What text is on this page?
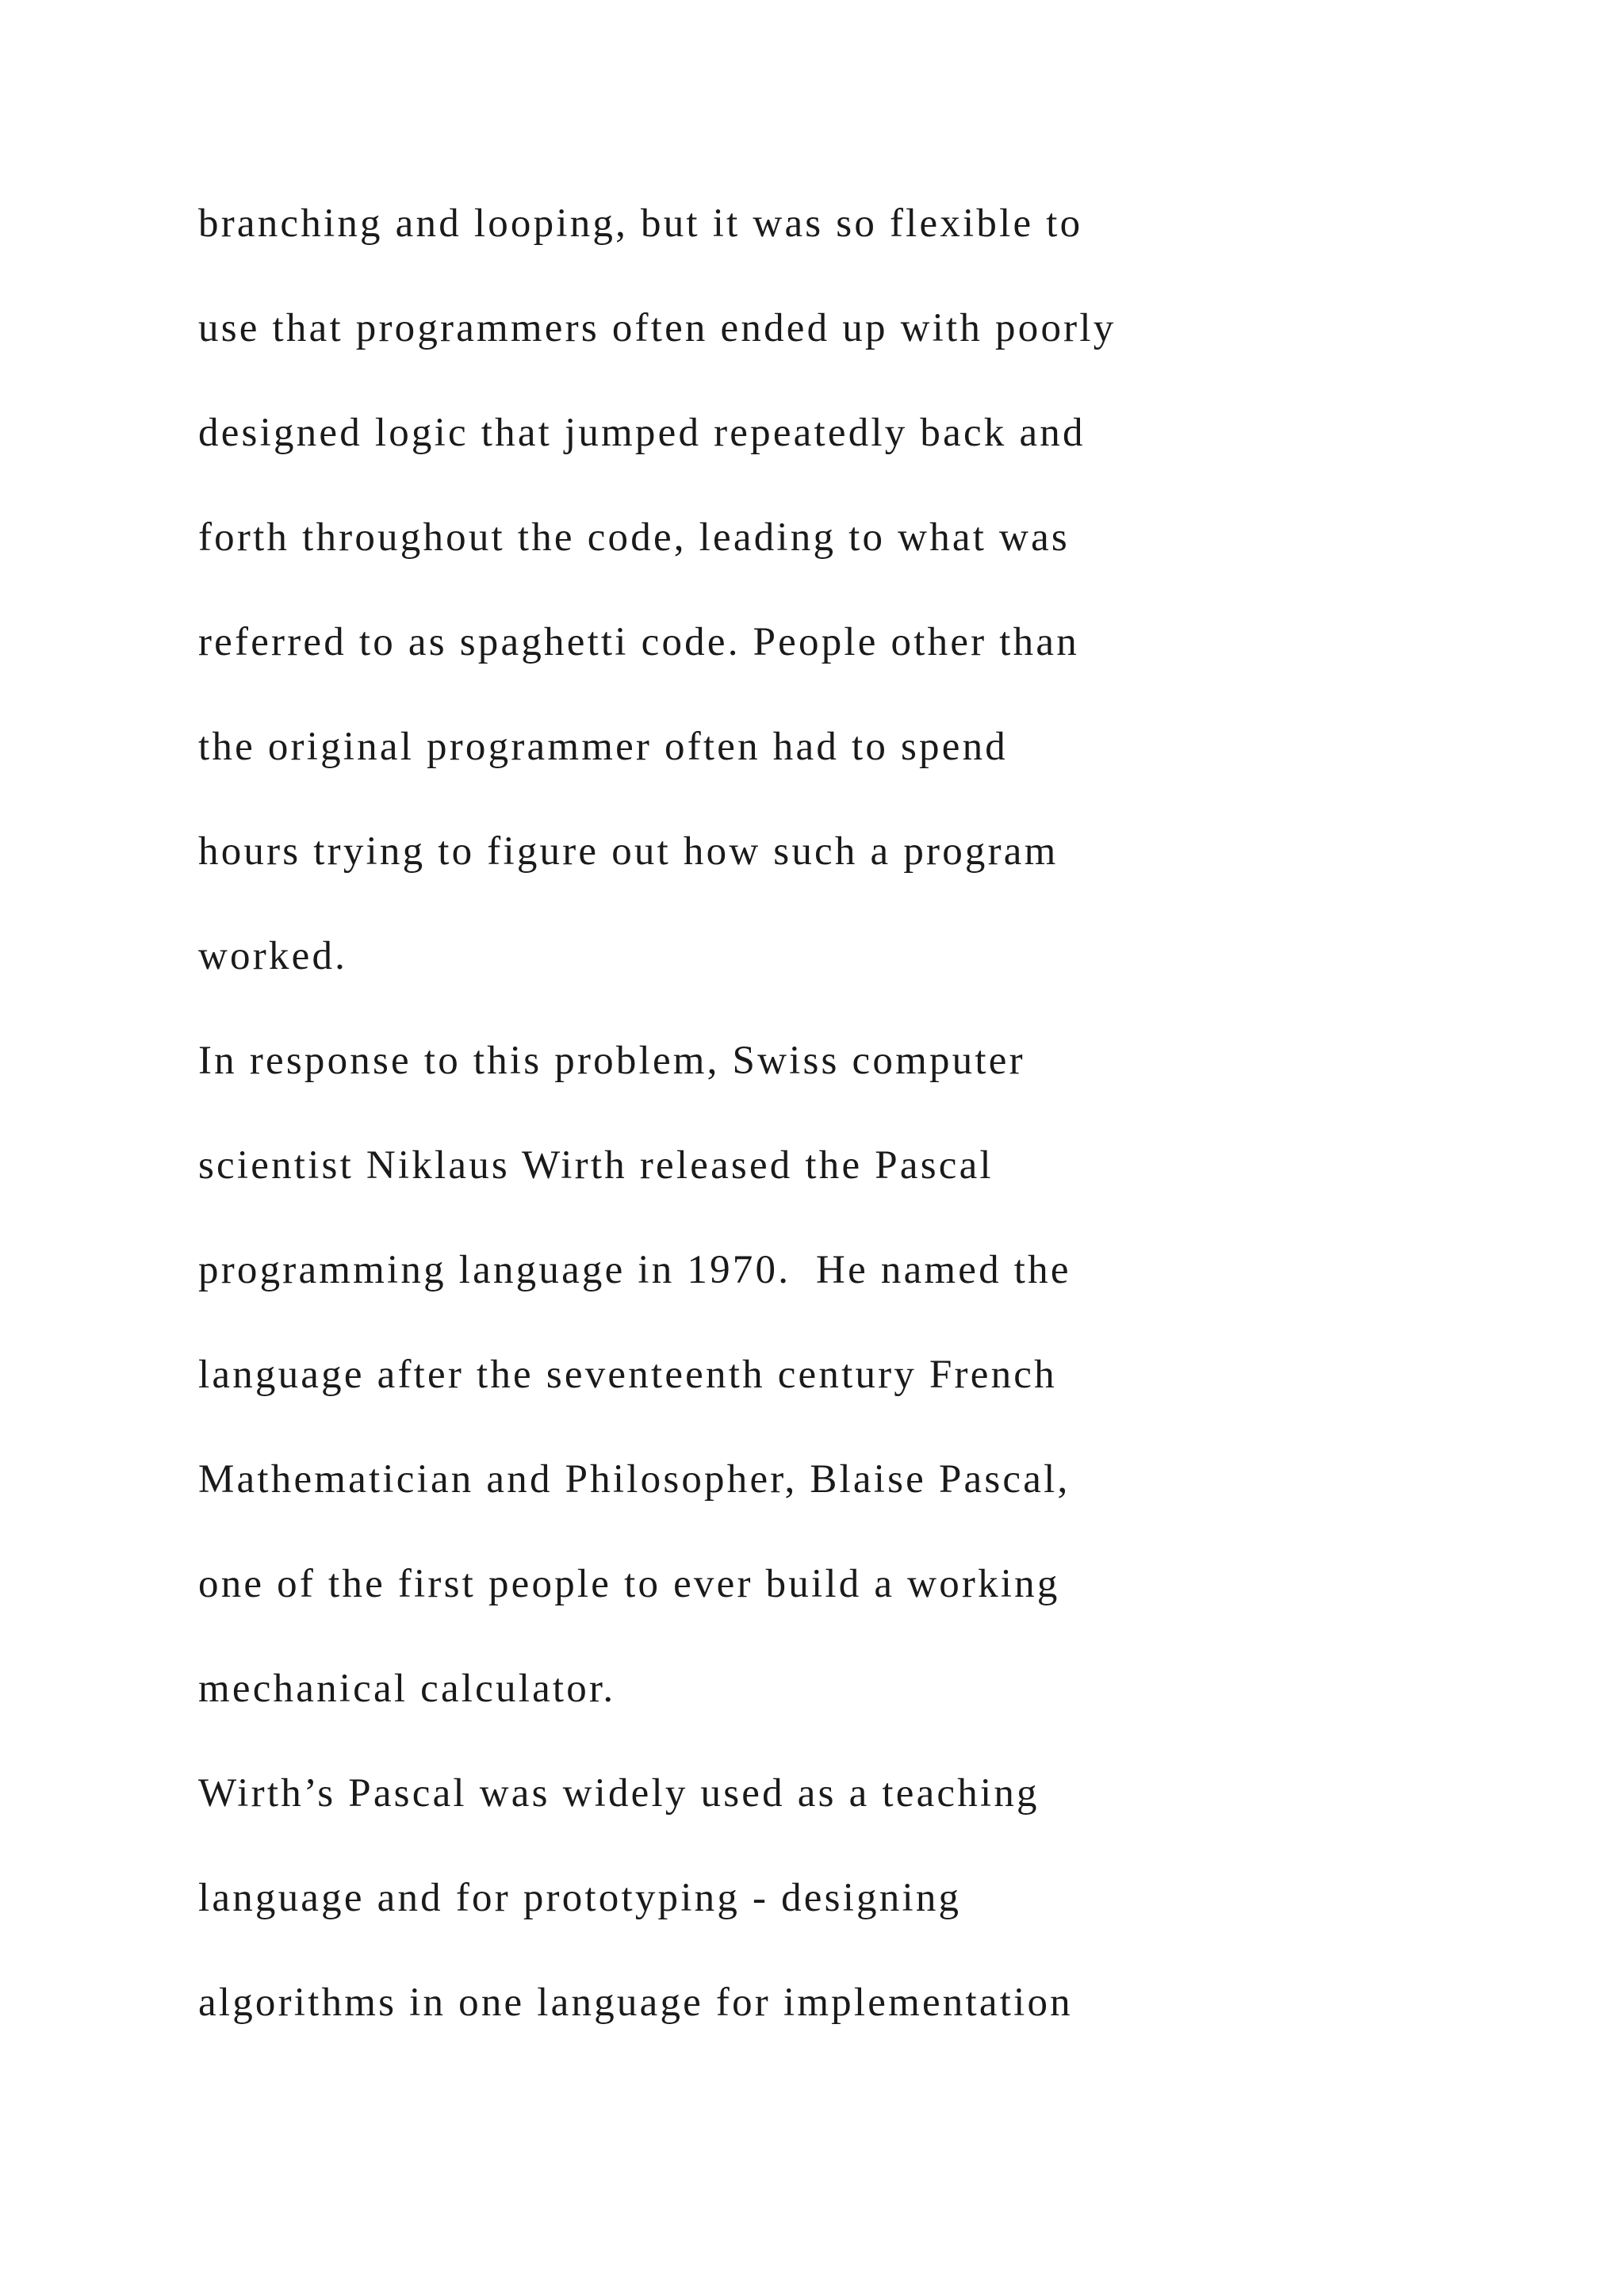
branching and looping, but it was so flexible to
use that programmers often ended up with poorly
designed logic that jumped repeatedly back and
forth throughout the code, leading to what was
referred to as spaghetti code. People other than
the original programmer often had to spend
hours trying to figure out how such a program
worked.
In response to this problem, Swiss computer
scientist Niklaus Wirth released the Pascal
programming language in 1970.  He named the
language after the seventeenth century French
Mathematician and Philosopher, Blaise Pascal,
one of the first people to ever build a working
mechanical calculator.
Wirth’s Pascal was widely used as a teaching
language and for prototyping - designing
algorithms in one language for implementation
